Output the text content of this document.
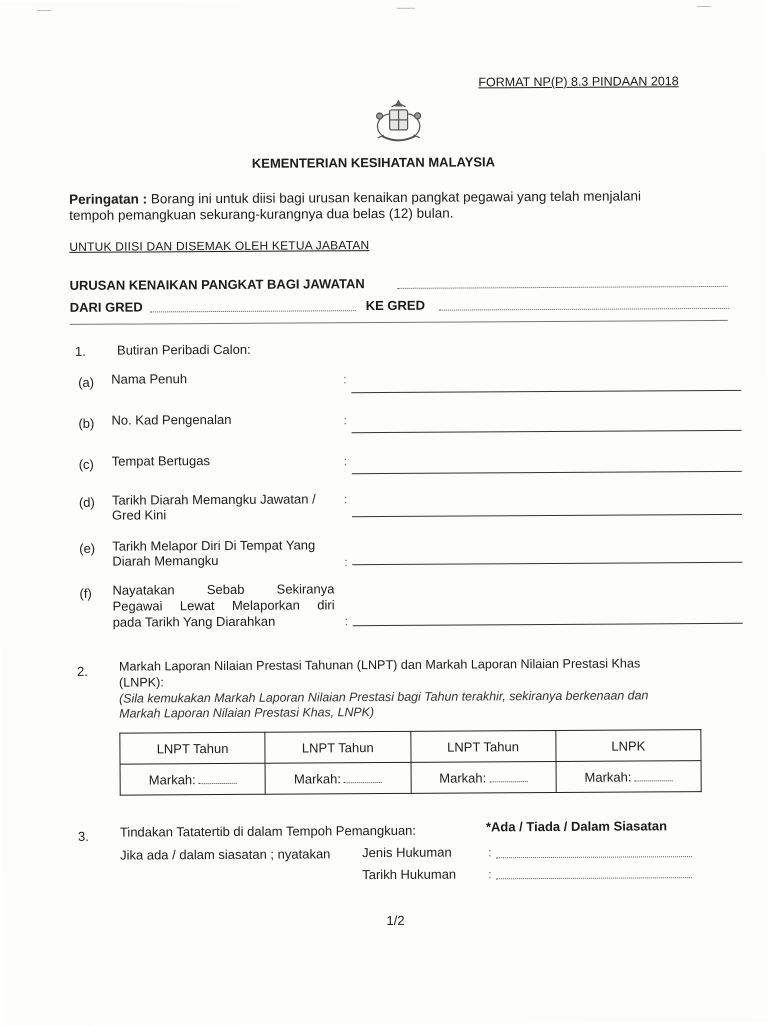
FORMAT NP(P) 8.3 PINDAAN 2018
KEMENTERIAN KESIHATAN MALAYSIA
Peringatan : Borang ini untuk diisi bagi urusan kenaikan pangkat pegawai yang telah menjalani
tempoh pemangkuan sekurang-kurangnya dua belas (12) bulan.
UNTUK DIISI DAN DISEMAK OLEH KETUA JABATAN
URUSAN KENAIKAN PANGKAT BAGI JAWATAN
DARI GRED	KE GRED
1. Butiran Peribadi Calon:
(a) Nama Penuh	:
(b) No. Kad Pengenalan	:
(c) Tempat Bertugas	:
(d) Tarikh Diarah Memangku Jawatan /
Gred Kini
:
(e) Tarikh Melapor Diri Di Tempat Yang
Diarah Memangku	:
(f) Nayatakan Sebab Sekiranya
Pegawai Lewat Melaporkan diri
pada Tarikh Yang Diarahkan	:
2. Markah Laporan Nilaian Prestasi Tahunan (LNPT) dan Markah Laporan Nilaian Prestasi Khas
(LNPK):
(Sila kemukakan Markah Laporan Nilaian Prestasi bagi Tahun terakhir, sekiranya berkenaan dan
Markah Laporan Nilaian Prestasi Khas, LNPK)
LNPT Tahun	LNPT Tahun	LNPT Tahun	LNPK
Markah:	Markah:	Markah:	Markah:
3. Tindakan Tatatertib di dalam Tempoh Pemangkuan:	*Ada / Tiada / Dalam Siasatan
Jika ada / dalam siasatan ; nyatakan Jenis Hukuman	:
Tarikh Hukuman	:
1/2
